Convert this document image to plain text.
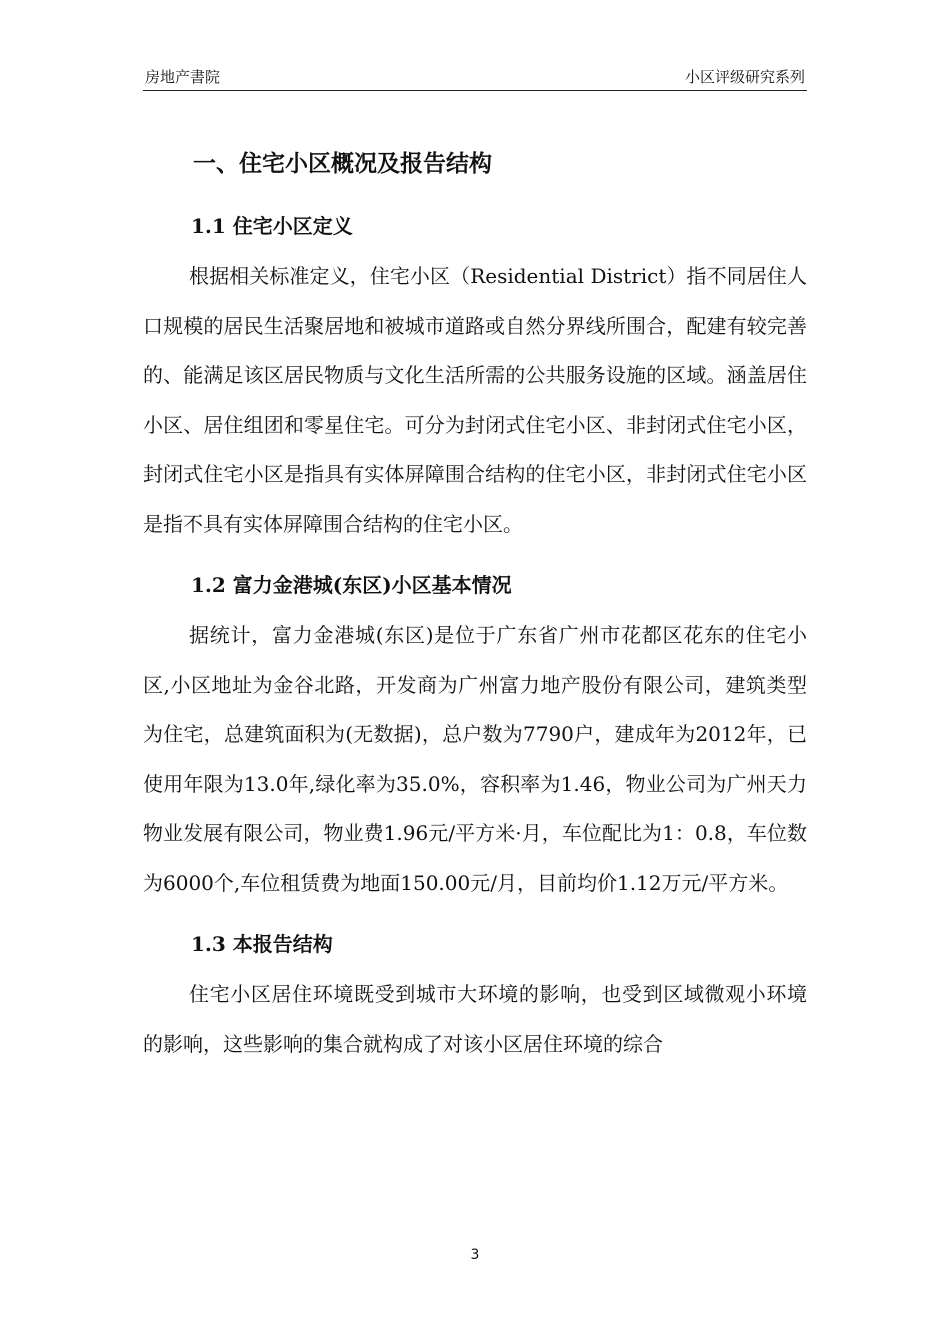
房地产書院	小区评级研究系列
一、住宅小区概况及报告结构
1.1 住宅小区定义

根据相关标准定义，住宅小区（Residential District）指不同居住人口规模的居民生活聚居地和被城市道路或自然分界线所围合，配建有较完善的、能满足该区居民物质与文化生活所需的公共服务设施的区域。涵盖居住小区、居住组团和零星住宅。可分为封闭式住宅小区、非封闭式住宅小区，封闭式住宅小区是指具有实体屏障围合结构的住宅小区，非封闭式住宅小区是指不具有实体屏障围合结构的住宅小区。

1.2 富力金港城(东区)小区基本情况

据统计，富力金港城(东区)是位于广东省广州市花都区花东的住宅小区,小区地址为金谷北路，开发商为广州富力地产股份有限公司，建筑类型为住宅，总建筑面积为(无数据)，总户数为7790户，建成年为2012年，已使用年限为13.0年,绿化率为35.0%，容积率为1.46，物业公司为广州天力物业发展有限公司，物业费1.96元/平方米·月，车位配比为1：0.8，车位数为6000个,车位租赁费为地面150.00元/月，目前均价1.12万元/平方米。

1.3 本报告结构

住宅小区居住环境既受到城市大环境的影响，也受到区域微观小环境的影响，这些影响的集合就构成了对该小区居住环境的综合

3
